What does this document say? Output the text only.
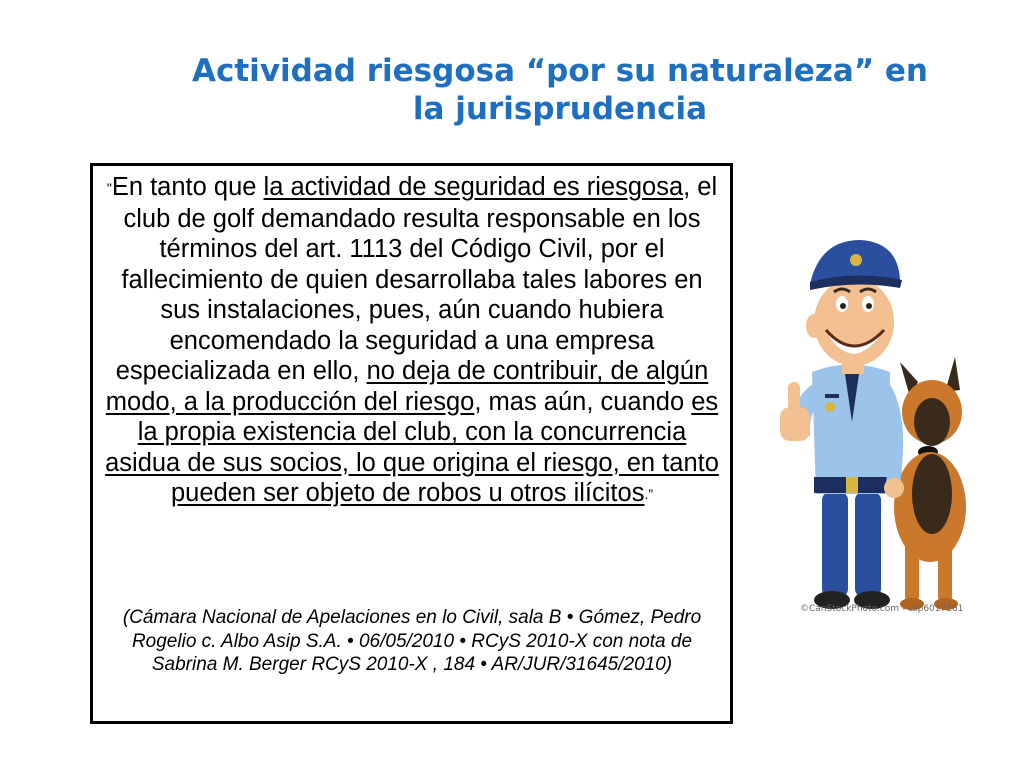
Actividad riesgosa “por su naturaleza” en
la jurisprudencia

"En tanto que la actividad de seguridad es riesgosa, el club de golf demandado resulta responsable en los términos del art. 1113 del Código Civil, por el fallecimiento de quien desarrollaba tales labores en sus instalaciones, pues, aún cuando hubiera encomendado la seguridad a una empresa especializada en ello, no deja de contribuir, de algún modo, a la producción del riesgo, mas aún, cuando es la propia existencia del club, con la concurrencia asidua de sus socios, lo que origina el riesgo, en tanto pueden ser objeto de robos u otros ilícitos.”

(Cámara Nacional de Apelaciones en lo Civil, sala B • Gómez, Pedro Rogelio c. Albo Asip S.A. • 06/05/2010 • RCyS 2010-X con nota de Sabrina M. Berger RCyS 2010-X , 184 • AR/JUR/31645/2010)

©CanStockPhoto.com - csp6017261
